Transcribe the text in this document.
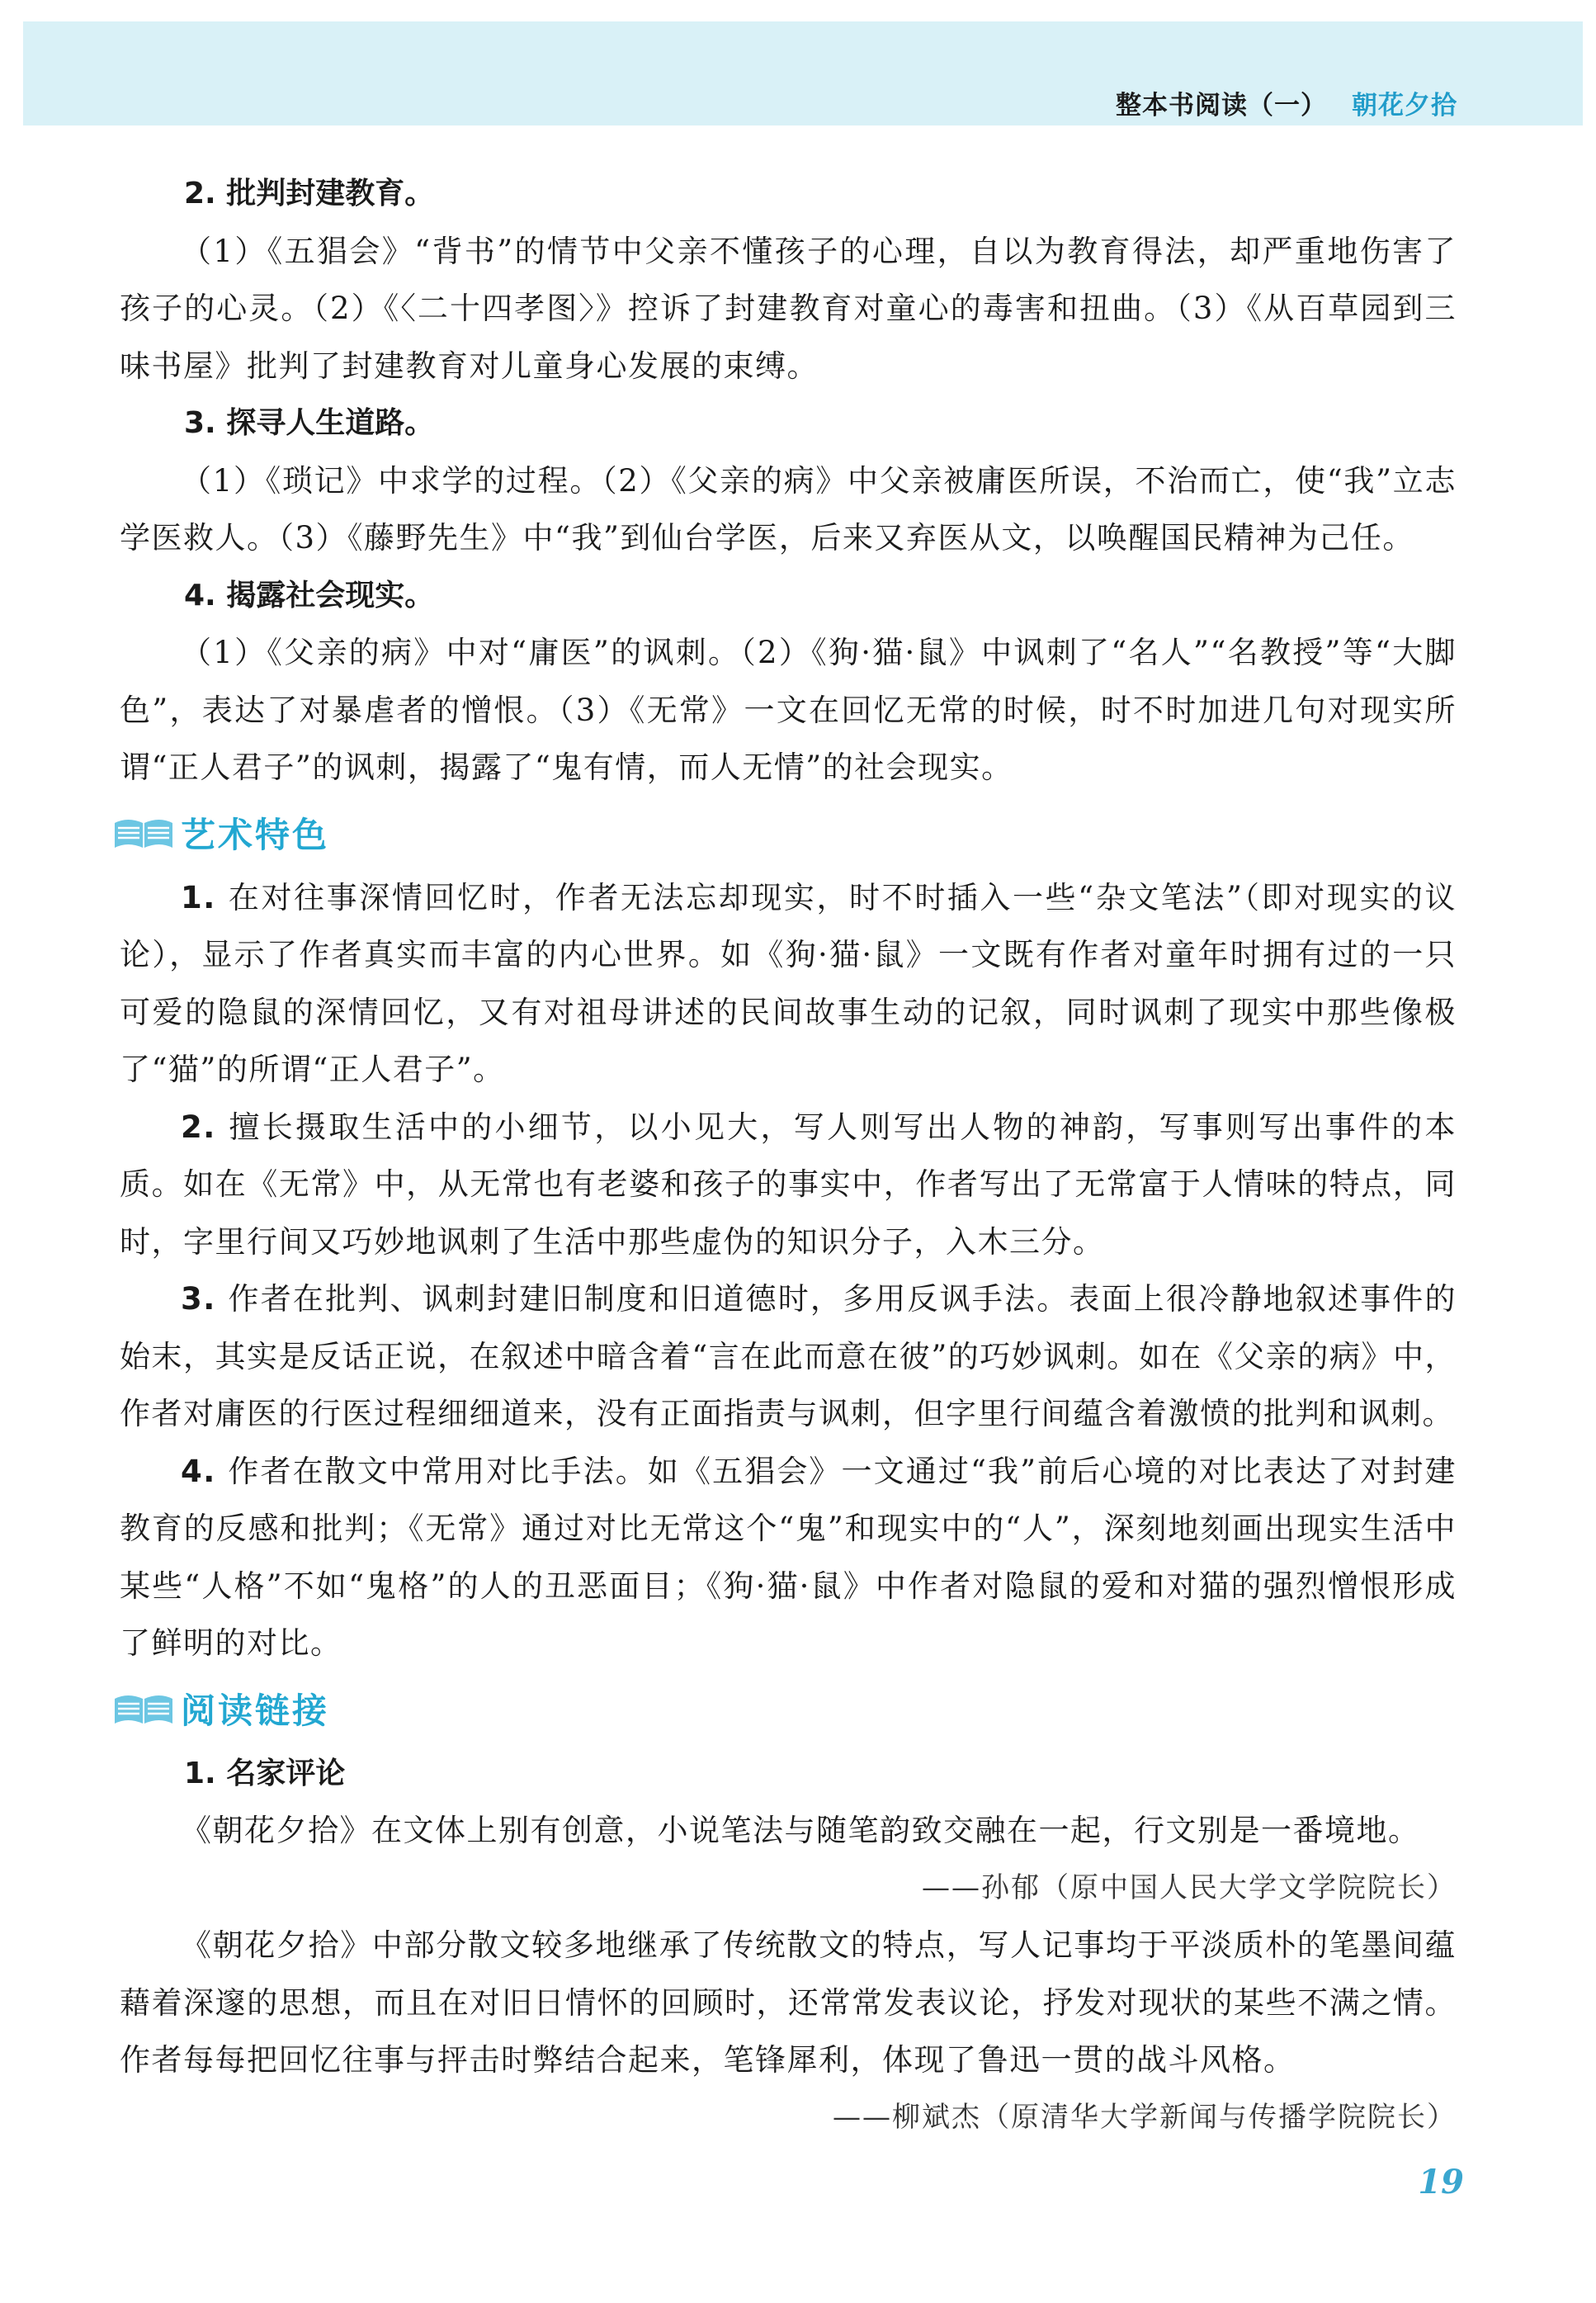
整本书阅读（一） 朝花夕拾

2. 批判封建教育。

（1）《五猖会》“背书”的情节中父亲不懂孩子的心理，自以为教育得法，却严重地伤害了孩子的心灵。（2）《〈二十四孝图〉》控诉了封建教育对童心的毒害和扭曲。（3）《从百草园到三味书屋》批判了封建教育对儿童身心发展的束缚。

3. 探寻人生道路。

（1）《琐记》中求学的过程。（2）《父亲的病》中父亲被庸医所误，不治而亡，使“我”立志学医救人。（3）《藤野先生》中“我”到仙台学医，后来又弃医从文，以唤醒国民精神为己任。

4. 揭露社会现实。

（1）《父亲的病》中对“庸医”的讽刺。（2）《狗·猫·鼠》中讽刺了“名人”“名教授”等“大脚色”，表达了对暴虐者的憎恨。（3）《无常》一文在回忆无常的时候，时不时加进几句对现实所谓“正人君子”的讽刺，揭露了“鬼有情，而人无情”的社会现实。

艺术特色

1. 在对往事深情回忆时，作者无法忘却现实，时不时插入一些“杂文笔法”（即对现实的议论），显示了作者真实而丰富的内心世界。如《狗·猫·鼠》一文既有作者对童年时拥有过的一只可爱的隐鼠的深情回忆，又有对祖母讲述的民间故事生动的记叙，同时讽刺了现实中那些像极了“猫”的所谓“正人君子”。

2. 擅长摄取生活中的小细节，以小见大，写人则写出人物的神韵，写事则写出事件的本质。如在《无常》中，从无常也有老婆和孩子的事实中，作者写出了无常富于人情味的特点，同时，字里行间又巧妙地讽刺了生活中那些虚伪的知识分子，入木三分。

3. 作者在批判、讽刺封建旧制度和旧道德时，多用反讽手法。表面上很冷静地叙述事件的始末，其实是反话正说，在叙述中暗含着“言在此而意在彼”的巧妙讽刺。如在《父亲的病》中，作者对庸医的行医过程细细道来，没有正面指责与讽刺，但字里行间蕴含着激愤的批判和讽刺。

4. 作者在散文中常用对比手法。如《五猖会》一文通过“我”前后心境的对比表达了对封建教育的反感和批判；《无常》通过对比无常这个“鬼”和现实中的“人”，深刻地刻画出现实生活中某些“人格”不如“鬼格”的人的丑恶面目；《狗·猫·鼠》中作者对隐鼠的爱和对猫的强烈憎恨形成了鲜明的对比。

阅读链接

1. 名家评论

《朝花夕拾》在文体上别有创意，小说笔法与随笔韵致交融在一起，行文别是一番境地。

——孙郁（原中国人民大学文学院院长）

《朝花夕拾》中部分散文较多地继承了传统散文的特点，写人记事均于平淡质朴的笔墨间蕴藉着深邃的思想，而且在对旧日情怀的回顾时，还常常发表议论，抒发对现状的某些不满之情。作者每每把回忆往事与抨击时弊结合起来，笔锋犀利，体现了鲁迅一贯的战斗风格。

——柳斌杰（原清华大学新闻与传播学院院长）

19
